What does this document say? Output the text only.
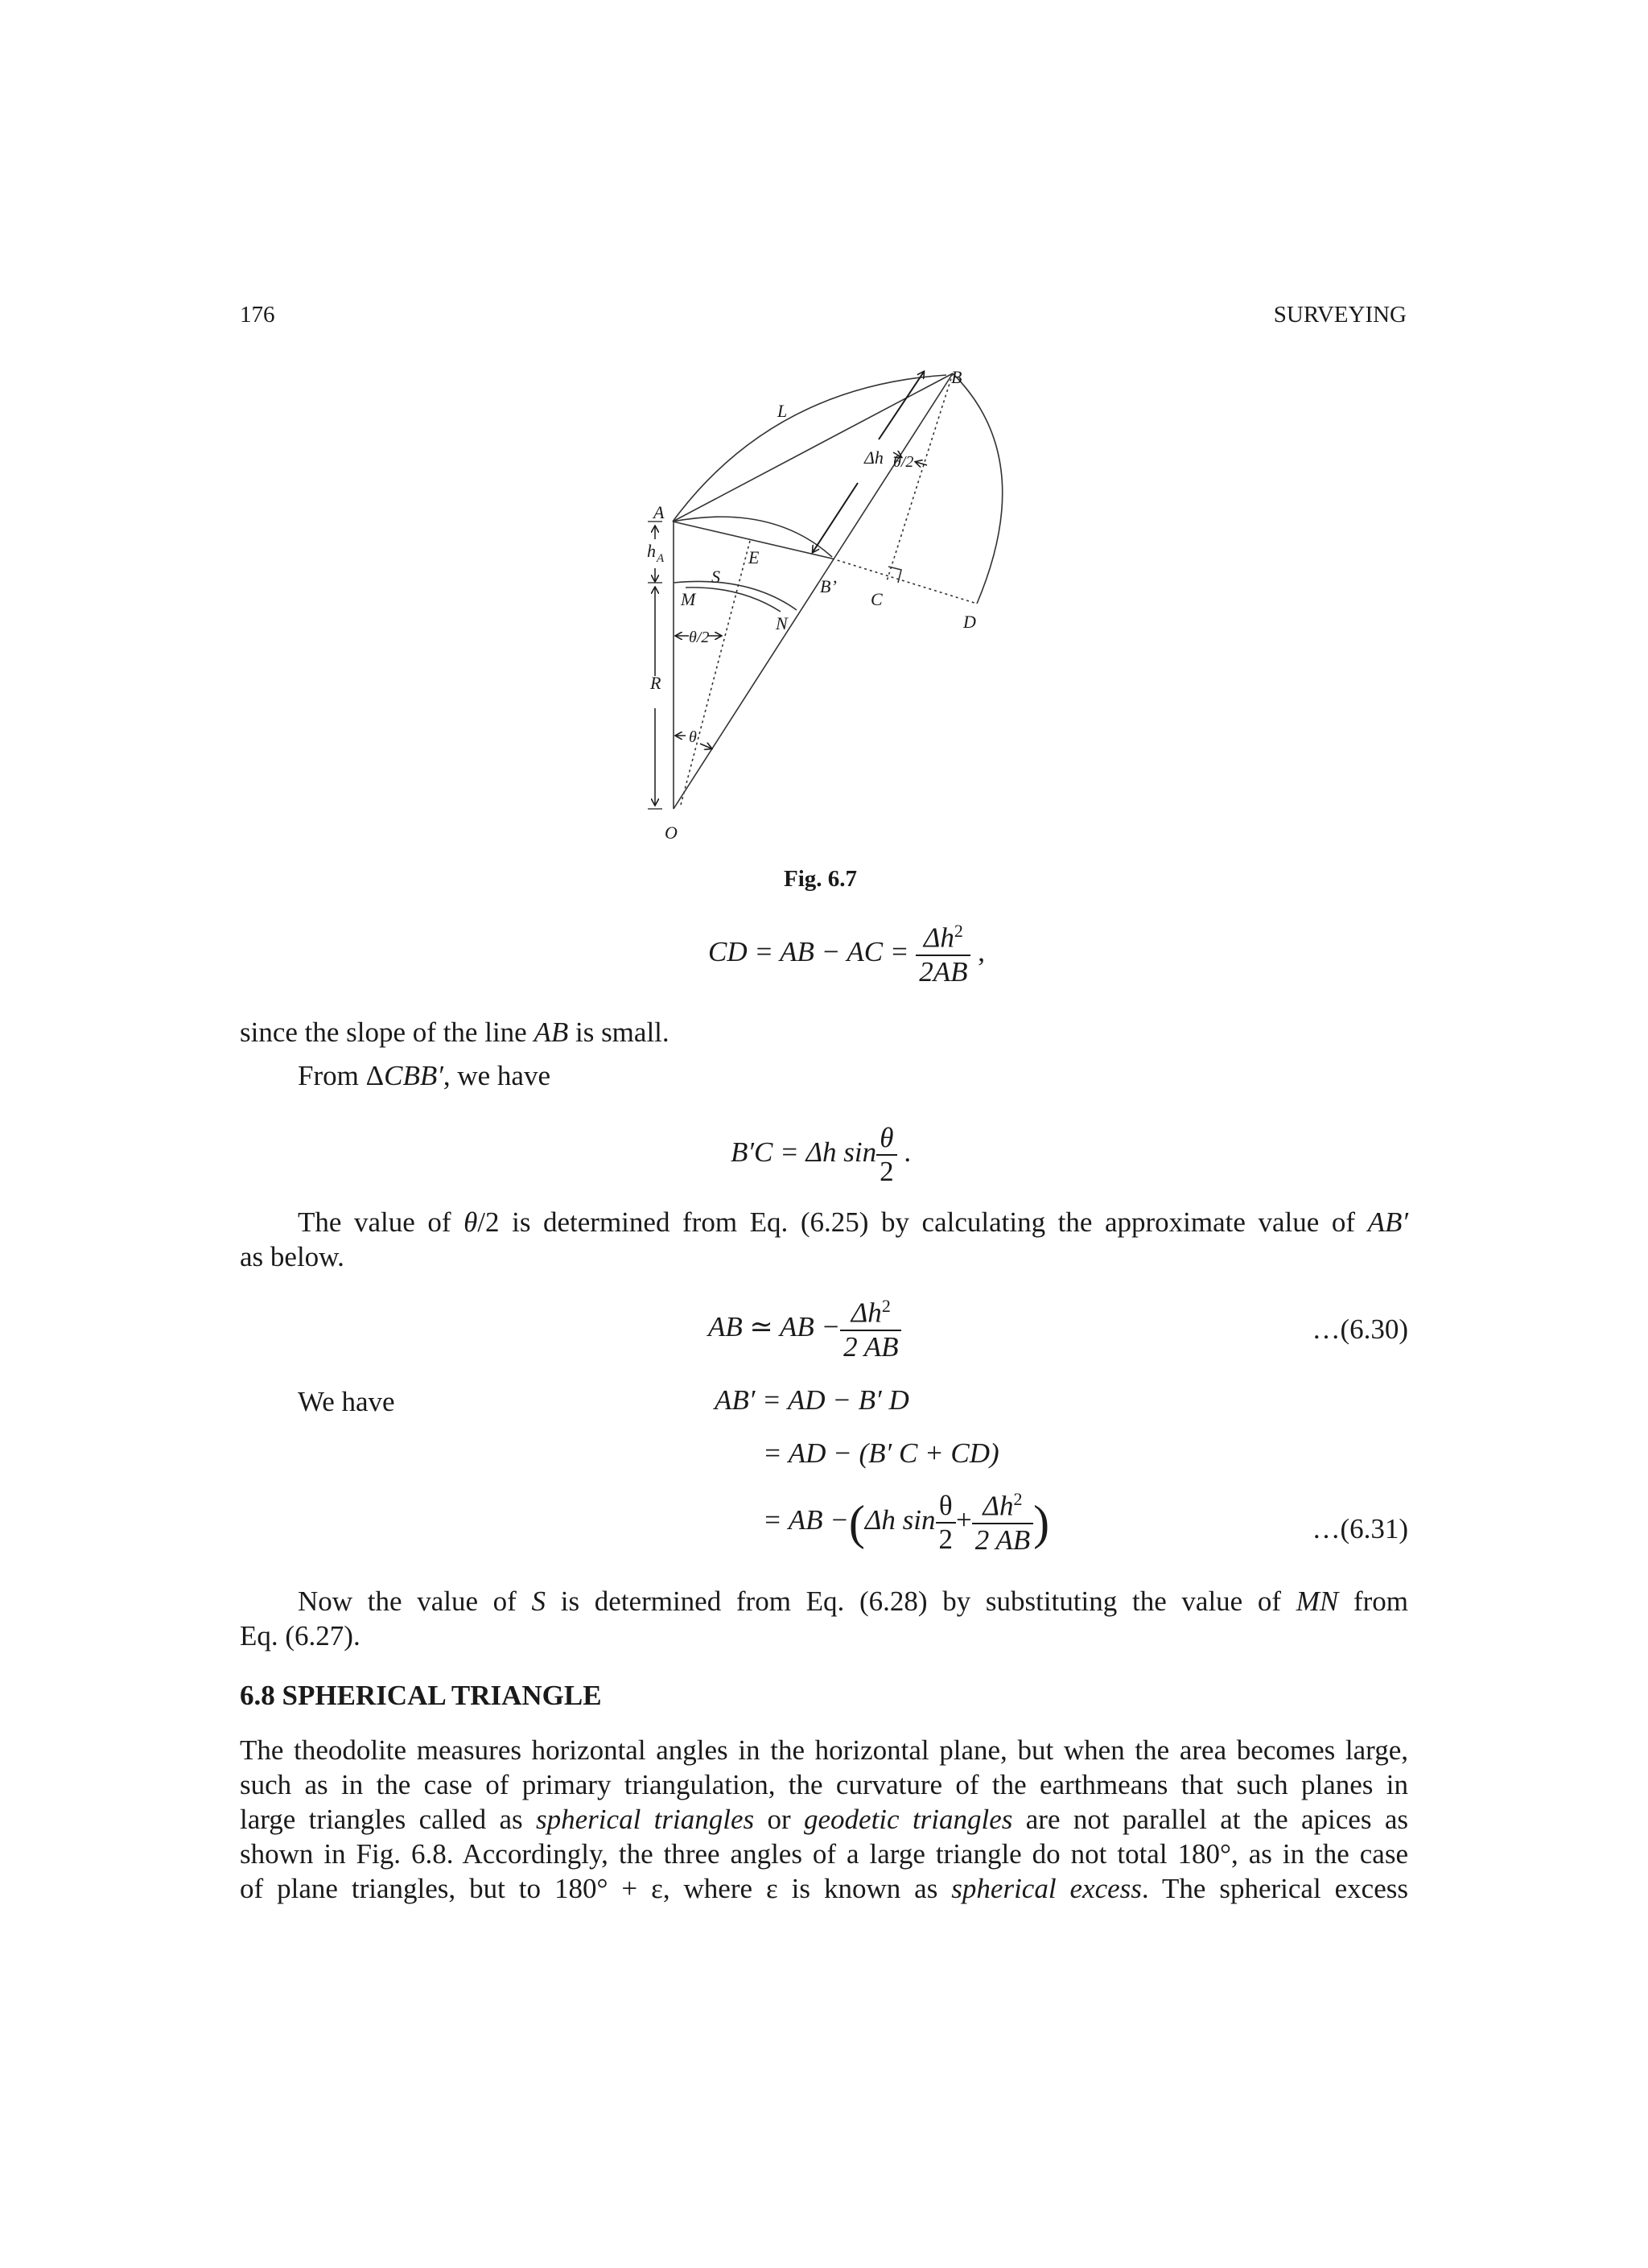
176	SURVEYING
A
B
B’
C
D
E
L
S
M
N
O
R
h A
Δh θ/2
θ/2
θ
Fig. 6.7
CD = AB − AC = $\frac{\Delta h^2}{2AB}$ ,
since the slope of the line AB is small.
From ΔCBB′, we have
B′C = Δh $\sin \frac{\theta}{2}$ .
The value of θ/2 is determined from Eq. (6.25) by calculating the approximate value of AB′
as below.
AB ≃ AB − $\frac{\Delta h^2}{2 AB}$	…(6.30)
We have	AB′ = AD − B′ D
= AD − (B′ C + CD)
= AB −(Δh $\sin \frac{\theta}{2} + \frac{\Delta h^2}{2 AB}$ )	…(6.31)
Now the value of S is determined from Eq. (6.28) by substituting the value of MN from
Eq. (6.27).
6.8 SPHERICAL TRIANGLE
The theodolite measures horizontal angles in the horizontal plane, but when the area becomes large,
such as in the case of primary triangulation, the curvature of the earthmeans that such planes in
large triangles called as spherical triangles or geodetic triangles are not parallel at the apices as
shown in Fig. 6.8. Accordingly, the three angles of a large triangle do not total 180°, as in the case
of plane triangles, but to 180° + ε, where ε is known as spherical excess. The spherical excess
